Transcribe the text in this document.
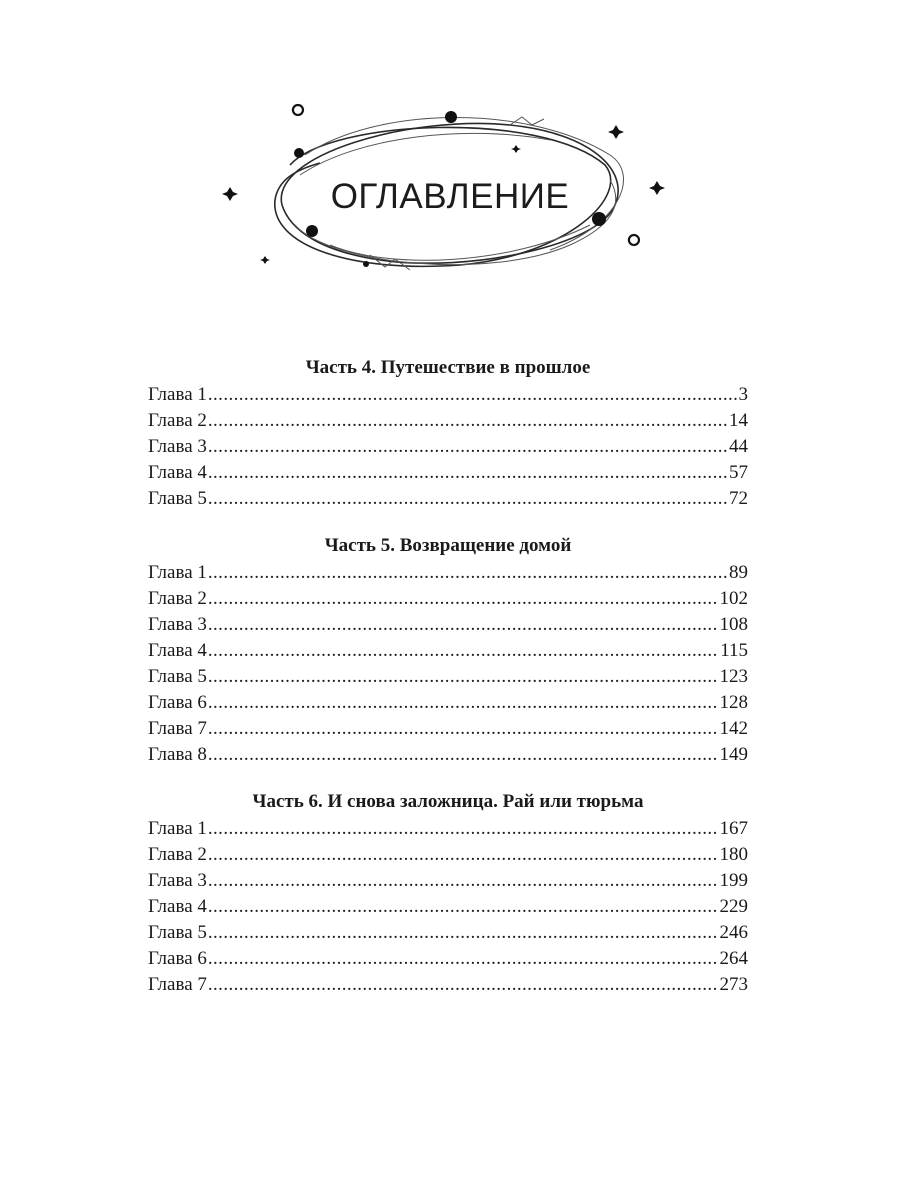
ОГЛАВЛЕНИЕ
Часть 4. Путешествие в прошлое
Глава 1 .....	3
Глава 2 .....	14
Глава 3 .....	44
Глава 4 .....	57
Глава 5 .....	72
Часть 5. Возвращение домой
Глава 1 .....	89
Глава 2 .....	102
Глава 3 .....	108
Глава 4 .....	115
Глава 5 .....	123
Глава 6 .....	128
Глава 7 .....	142
Глава 8 .....	149
Часть 6. И снова заложница. Рай или тюрьма
Глава 1 .....	167
Глава 2 .....	180
Глава 3 .....	199
Глава 4 .....	229
Глава 5 .....	246
Глава 6 .....	264
Глава 7 .....	273
